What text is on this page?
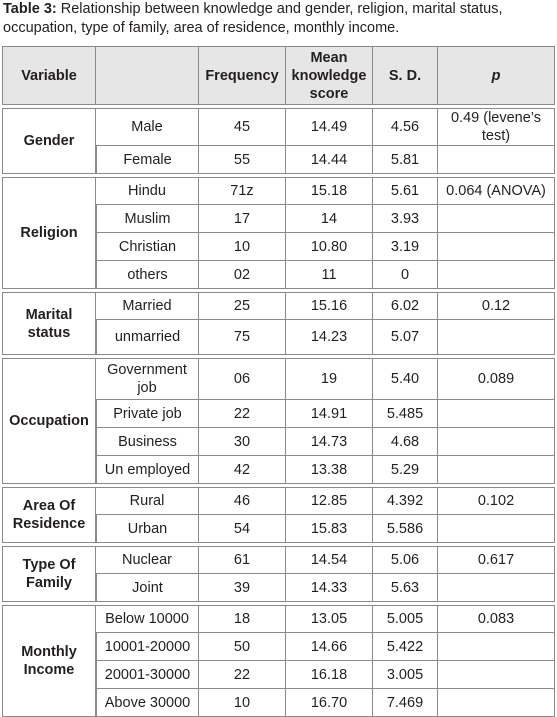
Table 3: Relationship between knowledge and gender, religion, marital status, occupation, type of family, area of residence, monthly income.
Variable		Frequency	Mean knowledge score	S. D.	p

Gender	Male	45	14.49	4.56	0.49 (levene’s test)
	Female	55	14.44	5.81	

Religion	Hindu	71z	15.18	5.61	0.064 (ANOVA)
	Muslim	17	14	3.93	
	Christian	10	10.80	3.19	
	others	02	11	0	

Marital status	Married	25	15.16	6.02	0.12
	unmarried	75	14.23	5.07	

Occupation	Government job	06	19	5.40	0.089
	Private job	22	14.91	5.485	
	Business	30	14.73	4.68	
	Un employed	42	13.38	5.29	

Area Of Residence	Rural	46	12.85	4.392	0.102
	Urban	54	15.83	5.586	

Type Of Family	Nuclear	61	14.54	5.06	0.617
	Joint	39	14.33	5.63	

Monthly Income	Below 10000	18	13.05	5.005	0.083
	10001-20000	50	14.66	5.422	
	20001-30000	22	16.18	3.005	
	Above 30000	10	16.70	7.469	
